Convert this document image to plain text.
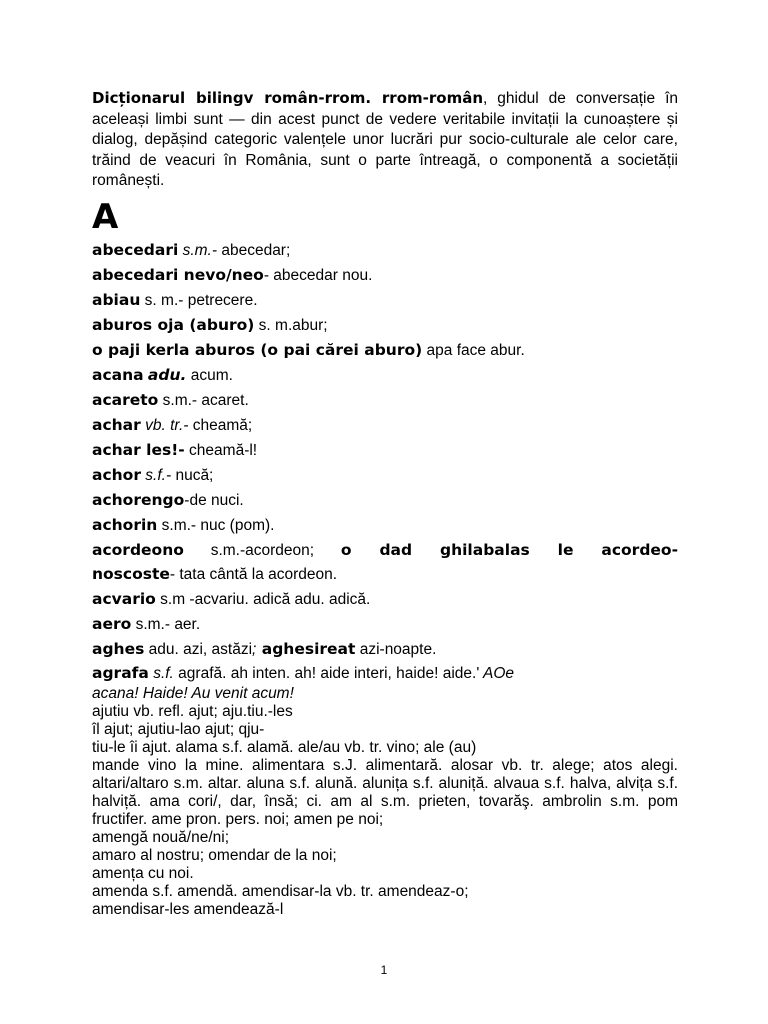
Dicționarul bilingv român-rrom. rrom-român, ghidul de conversație în aceleași limbi sunt — din acest punct de vedere veritabile invitații la cunoaștere și dialog, depășind categoric valențele unor lucrări pur socio-culturale ale celor care, trăind de veacuri în România, sunt o parte întreagă, o componentă a societății românești.

A

abecedari s.m.- abecedar;

abecedari nevo/neo- abecedar nou.

abiau s. m.- petrecere.

aburos oja (aburo) s. m.abur;

o paji kerla aburos (o pai cărei aburo) apa face abur.

acana adu. acum.

acareto s.m.- acaret.

achar vb. tr.- cheamă;

achar les!- cheamă-l!

achor s.f.- nucă;

achorengo-de nuci.

achorin s.m.- nuc (pom).

acordeono s.m.-acordeon; o dad ghilabalas le acordeo-

noscoste- tata cântă la acordeon.

acvario s.m -acvariu. adică adu. adică.

aero s.m.- aer.

aghes adu. azi, astăzi; aghesireat azi-noapte.

agrafa s.f. agrafă. ah inten. ah! aide interi, haide! aide.' AOe

acana! Haide! Au venit acum!

ajutiu vb. refl. ajut; aju.tiu.-les

îl ajut; ajutiu-lao ajut; qju-

tiu-le îi ajut. alama s.f. alamă. ale/au vb. tr. vino; ale (au)

mande vino la mine. alimentara s.J. alimentară. alosar vb. tr. alege; atos alegi. altari/altaro s.m. altar. aluna s.f. alună. alunița s.f. aluniță. alvaua s.f. halva, alvița s.f. halviță. ama cori/, dar, însă; ci. am al s.m. prieten, tovarăş. ambrolin s.m. pom fructifer. ame pron. pers. noi; amen pe noi;

amengă nouă/ne/ni;

amaro al nostru; omendar de la noi;

amența cu noi.

amenda s.f. amendă. amendisar-la vb. tr. amendeaz-o;

amendisar-les amendează-l

1
